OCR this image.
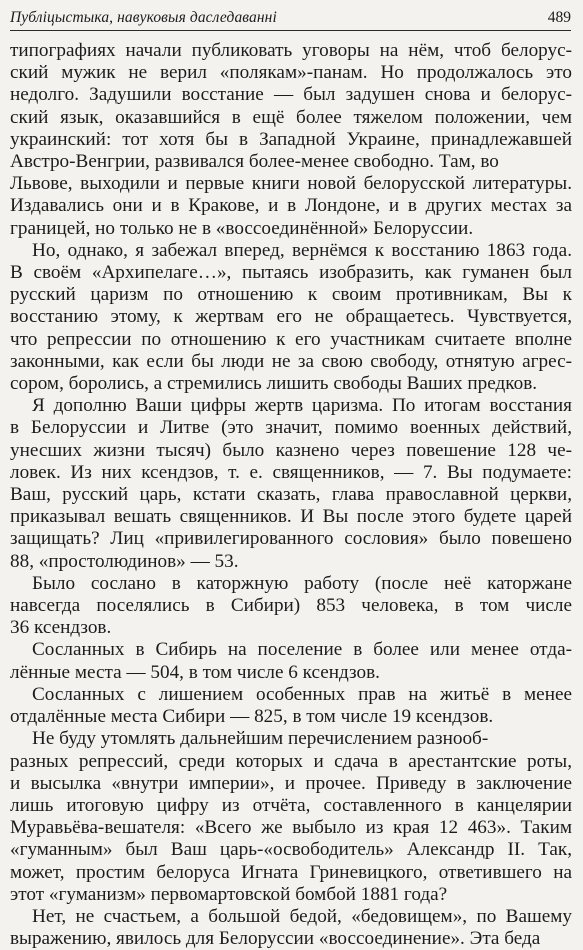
Публіцыстыка, навуковыя даследаванні	489

типографиях начали публиковать уговоры на нём, чтоб белорус-
ский мужик не верил «полякам»-панам. Но продолжалось это
недолго. Задушили восстание — был задушен снова и белорус-
ский язык, оказавшийся в ещё более тяжелом положении, чем
украинский: тот хотя бы в Западной Украине, принадлежавшей
Австро-Венгрии, развивался более-менее свободно. Там, во
Львове, выходили и первые книги новой белорусской литературы.
Издавались они и в Кракове, и в Лондоне, и в других местах за
границей, но только не в «воссоединённой» Белоруссии.

Но, однако, я забежал вперед, вернёмся к восстанию 1863 года.
В своём «Архипелаге…», пытаясь изобразить, как гуманен был
русский царизм по отношению к своим противникам, Вы к
восстанию этому, к жертвам его не обращаетесь. Чувствуется,
что репрессии по отношению к его участникам считаете вполне
законными, как если бы люди не за свою свободу, отнятую агрес-
сором, боролись, а стремились лишить свободы Ваших предков.

Я дополню Ваши цифры жертв царизма. По итогам восстания
в Белоруссии и Литве (это значит, помимо военных действий,
унесших жизни тысяч) было казнено через повешение 128 че-
ловек. Из них ксендзов, т. е. священников, — 7. Вы подумаете:
Ваш, русский царь, кстати сказать, глава православной церкви,
приказывал вешать священников. И Вы после этого будете царей
защищать? Лиц «привилегированного сословия» было повешено
88, «простолюдинов» — 53.

Было сослано в каторжную работу (после неё каторжане
навсегда поселялись в Сибири) 853 человека, в том числе
36 ксендзов.

Сосланных в Сибирь на поселение в более или менее отда-
лённые места — 504, в том числе 6 ксендзов.

Сосланных с лишением особенных прав на житьё в менее
отдалённые места Сибири — 825, в том числе 19 ксендзов.

Не буду утомлять дальнейшим перечислением разнооб-
разных репрессий, среди которых и сдача в арестантские роты,
и высылка «внутри империи», и прочее. Приведу в заключение
лишь итоговую цифру из отчёта, составленного в канцелярии
Муравьёва-вешателя: «Всего же выбыло из края 12 463». Таким
«гуманным» был Ваш царь-«освободитель» Александр II. Так,
может, простим белоруса Игната Гриневицкого, ответившего на
этот «гуманизм» первомартовской бомбой 1881 года?

Нет, не счастьем, а большой бедой, «бедовищем», по Вашему
выражению, явилось для Белоруссии «воссоединение». Эта беда
